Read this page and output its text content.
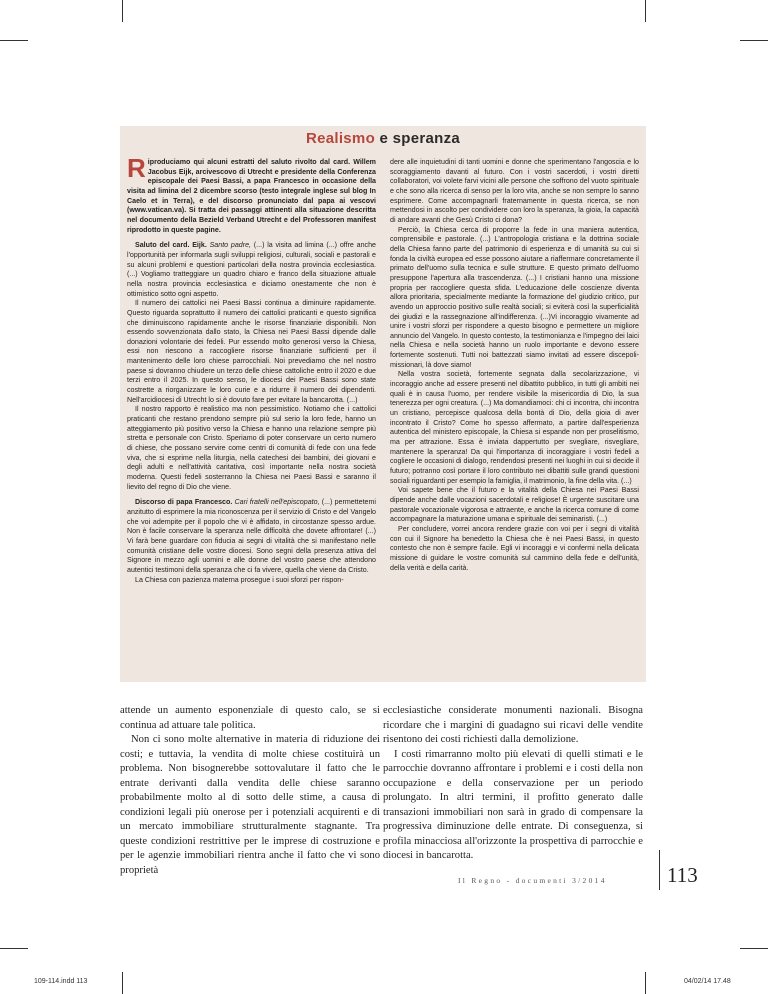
Realismo e speranza

Riproduciamo qui alcuni estratti del saluto rivolto dal card. Willem Jacobus Eijk, arcivescovo di Utrecht e presidente della Conferenza episcopale dei Paesi Bassi, a papa Francesco in occasione della visita ad limina del 2 dicembre scorso (testo integrale inglese sul blog In Caelo et in Terra), e del discorso pronunciato dal papa ai vescovi (www.vatican.va). Si tratta dei passaggi attinenti alla situazione descritta nel documento della Bezield Verband Utrecht e del Professoren manifest riprodotto in queste pagine.

Saluto del card. Eijk. Santo padre, (...) la visita ad limina (...) offre anche l'opportunità per informarla sugli sviluppi religiosi, culturali, sociali e pastorali e su alcuni problemi e questioni particolari della nostra provincia ecclesiastica. (...) Vogliamo tratteggiare un quadro chiaro e franco della situazione attuale nella nostra provincia ecclesiastica e diciamo onestamente che non è ottimistico sotto ogni aspetto.

Il numero dei cattolici nei Paesi Bassi continua a diminuire rapidamente. Questo riguarda soprattutto il numero dei cattolici praticanti e questo significa che diminuiscono rapidamente anche le risorse finanziarie disponibili. Non essendo sovvenzionata dallo stato, la Chiesa nei Paesi Bassi dipende dalle donazioni volontarie dei fedeli. Pur essendo molto generosi verso la Chiesa, essi non riescono a raccogliere risorse finanziarie sufficienti per il mantenimento delle loro chiese parrocchiali. Noi prevediamo che nel nostro paese si dovranno chiudere un terzo delle chiese cattoliche entro il 2020 e due terzi entro il 2025. In questo senso, le diocesi dei Paesi Bassi sono state costrette a riorganizzare le loro curie e a ridurre il numero dei dipendenti. Nell'arcidiocesi di Utrecht lo si è dovuto fare per evitare la bancarotta. (...)

Il nostro rapporto è realistico ma non pessimistico. Notiamo che i cattolici praticanti che restano prendono sempre più sul serio la loro fede, hanno un atteggiamento più positivo verso la Chiesa e hanno una relazione sempre più stretta e personale con Cristo. Speriamo di poter conservare un certo numero di chiese, che possano servire come centri di comunità di fede con una fede viva, che si esprime nella liturgia, nella catechesi dei bambini, dei giovani e degli adulti e nell'attività caritativa, così importante nella nostra società moderna. Questi fedeli sosterranno la Chiesa nei Paesi Bassi e saranno il lievito del regno di Dio che viene.

Discorso di papa Francesco. Cari fratelli nell'episcopato, (...) permettetemi anzitutto di esprimere la mia riconoscenza per il servizio di Cristo e del Vangelo che voi adempite per il popolo che vi è affidato, in circostanze spesso ardue. Non è facile conservare la speranza nelle difficoltà che dovete affrontare! (...) Vi farà bene guardare con fiducia ai segni di vitalità che si manifestano nelle comunità cristiane delle vostre diocesi. Sono segni della presenza attiva del Signore in mezzo agli uomini e alle donne del vostro paese che attendono autentici testimoni della speranza che ci fa vivere, quella che viene da Cristo.

La Chiesa con pazienza materna prosegue i suoi sforzi per rispon-

dere alle inquietudini di tanti uomini e donne che sperimentano l'angoscia e lo scoraggiamento davanti al futuro. Con i vostri sacerdoti, i vostri diretti collaboratori, voi volete farvi vicini alle persone che soffrono del vuoto spirituale e che sono alla ricerca di senso per la loro vita, anche se non sempre lo sanno esprimere. Come accompagnarli fraternamente in questa ricerca, se non mettendosi in ascolto per condividere con loro la speranza, la gioia, la capacità di andare avanti che Gesù Cristo ci dona?

Perciò, la Chiesa cerca di proporre la fede in una maniera autentica, comprensibile e pastorale. (...) L'antropologia cristiana e la dottrina sociale della Chiesa fanno parte del patrimonio di esperienza e di umanità su cui si fonda la civiltà europea ed esse possono aiutare a riaffermare concretamente il primato dell'uomo sulla tecnica e sulle strutture. E questo primato dell'uomo presuppone l'apertura alla trascendenza. (...) I cristiani hanno una missione propria per raccogliere questa sfida. L'educazione delle coscienze diventa allora prioritaria, specialmente mediante la formazione del giudizio critico, pur avendo un approccio positivo sulle realtà sociali; si eviterà così la superficialità dei giudizi e la rassegnazione all'indifferenza. (...)Vi incoraggio vivamente ad unire i vostri sforzi per rispondere a questo bisogno e permettere un migliore annuncio del Vangelo. In questo contesto, la testimonianza e l'impegno dei laici nella Chiesa e nella società hanno un ruolo importante e devono essere fortemente sostenuti. Tutti noi battezzati siamo invitati ad essere discepoli-missionari, là dove siamo!

Nella vostra società, fortemente segnata dalla secolarizzazione, vi incoraggio anche ad essere presenti nel dibattito pubblico, in tutti gli ambiti nei quali è in causa l'uomo, per rendere visibile la misericordia di Dio, la sua tenerezza per ogni creatura. (...) Ma domandiamoci: chi ci incontra, chi incontra un cristiano, percepisce qualcosa della bontà di Dio, della gioia di aver incontrato il Cristo? Come ho spesso affermato, a partire dall'esperienza autentica del ministero episcopale, la Chiesa si espande non per proselitismo, ma per attrazione. Essa è inviata dappertutto per svegliare, risvegliare, mantenere la speranza! Da qui l'importanza di incoraggiare i vostri fedeli a cogliere le occasioni di dialogo, rendendosi presenti nei luoghi in cui si decide il futuro; potranno così portare il loro contributo nei dibattiti sulle grandi questioni sociali riguardanti per esempio la famiglia, il matrimonio, la fine della vita. (...)

Voi sapete bene che il futuro e la vitalità della Chiesa nei Paesi Bassi dipende anche dalle vocazioni sacerdotali e religiose! È urgente suscitare una pastorale vocazionale vigorosa e attraente, e anche la ricerca comune di come accompagnare la maturazione umana e spirituale dei seminaristi. (...)

Per concludere, vorrei ancora rendere grazie con voi per i segni di vitalità con cui il Signore ha benedetto la Chiesa che è nei Paesi Bassi, in questo contesto che non è sempre facile. Egli vi incoraggi e vi confermi nella delicata missione di guidare le vostre comunità sul cammino della fede e dell'unità, della verità e della carità.

attende un aumento esponenziale di questo calo, se si continua ad attuare tale politica.

Non ci sono molte alternative in materia di riduzione dei costi; e tuttavia, la vendita di molte chiese costituirà un problema. Non bisognerebbe sottovalutare il fatto che le entrate derivanti dalla vendita delle chiese saranno probabilmente molto al di sotto delle stime, a causa di condizioni legali più onerose per i potenziali acquirenti e di un mercato immobiliare strutturalmente stagnante. Tra queste condizioni restrittive per le imprese di costruzione e per le agenzie immobiliari rientra anche il fatto che vi sono proprietà

ecclesiastiche considerate monumenti nazionali. Bisogna ricordare che i margini di guadagno sui ricavi delle vendite risentono dei costi richiesti dalla demolizione.

I costi rimarranno molto più elevati di quelli stimati e le parrocchie dovranno affrontare i problemi e i costi della non occupazione e della conservazione per un periodo prolungato. In altri termini, il profitto generato dalle transazioni immobiliari non sarà in grado di compensare la progressiva diminuzione delle entrate. Di conseguenza, si profila minacciosa all'orizzonte la prospettiva di parrocchie e diocesi in bancarotta.

Il Regno - documenti 3/2014	113
109-114.indd 113	04/02/14 17.48
